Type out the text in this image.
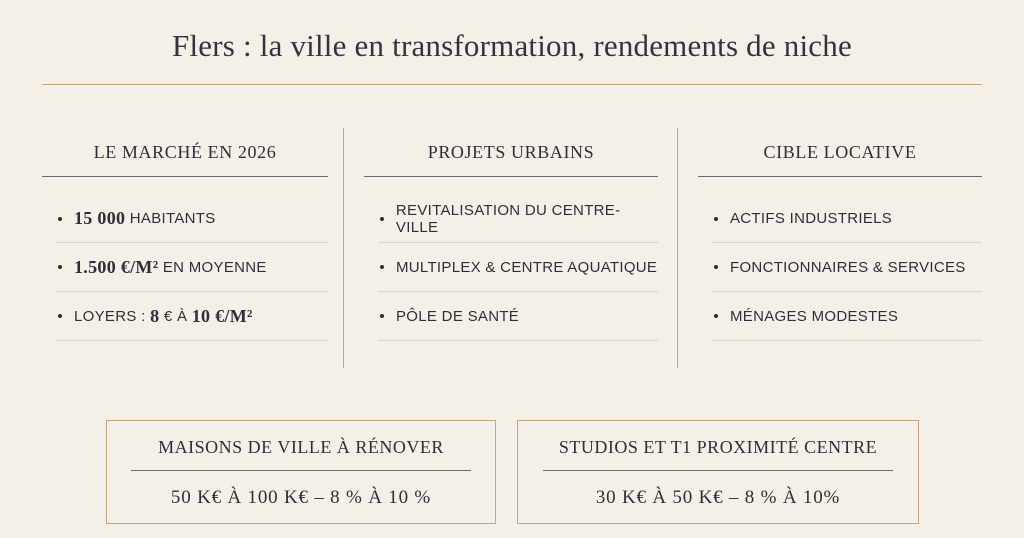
Flers : la ville en transformation, rendements de niche
LE MARCHÉ EN 2026
15 000
HABITANTS
1.500 €/M²
EN MOYENNE
LOYERS :
8
€ À
10 €/M²
PROJETS URBAINS
REVITALISATION DU CENTRE-VILLE
MULTIPLEX & CENTRE AQUATIQUE
PÔLE DE SANTÉ
CIBLE LOCATIVE
ACTIFS INDUSTRIELS
FONCTIONNAIRES & SERVICES
MÉNAGES MODESTES
MAISONS DE VILLE À RÉNOVER
50 K€ À 100 K€ – 8 % À 10 %
STUDIOS ET T1 PROXIMITÉ CENTRE
30 K€ À 50 K€ – 8 % À 10%
